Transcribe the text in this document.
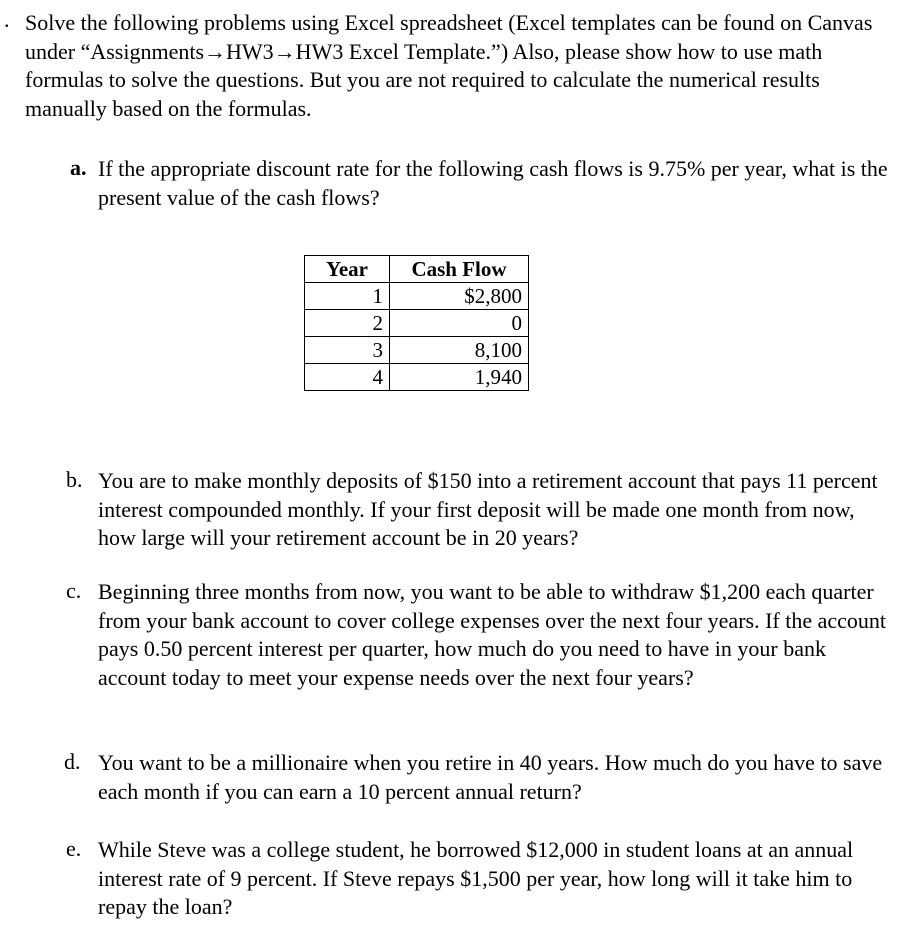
. Solve the following problems using Excel spreadsheet (Excel templates can be found on Canvas under “Assignments→HW3→HW3 Excel Template.”) Also, please show how to use math formulas to solve the questions. But you are not required to calculate the numerical results manually based on the formulas.

a. If the appropriate discount rate for the following cash flows is 9.75% per year, what is the present value of the cash flows?
Year	Cash Flow
1	$2,800
2	0
3	8,100
4	1,940
b. You are to make monthly deposits of $150 into a retirement account that pays 11 percent interest compounded monthly. If your first deposit will be made one month from now, how large will your retirement account be in 20 years?
c. Beginning three months from now, you want to be able to withdraw $1,200 each quarter from your bank account to cover college expenses over the next four years. If the account pays 0.50 percent interest per quarter, how much do you need to have in your bank account today to meet your expense needs over the next four years?
d. You want to be a millionaire when you retire in 40 years. How much do you have to save each month if you can earn a 10 percent annual return?
e. While Steve was a college student, he borrowed $12,000 in student loans at an annual interest rate of 9 percent. If Steve repays $1,500 per year, how long will it take him to repay the loan?
